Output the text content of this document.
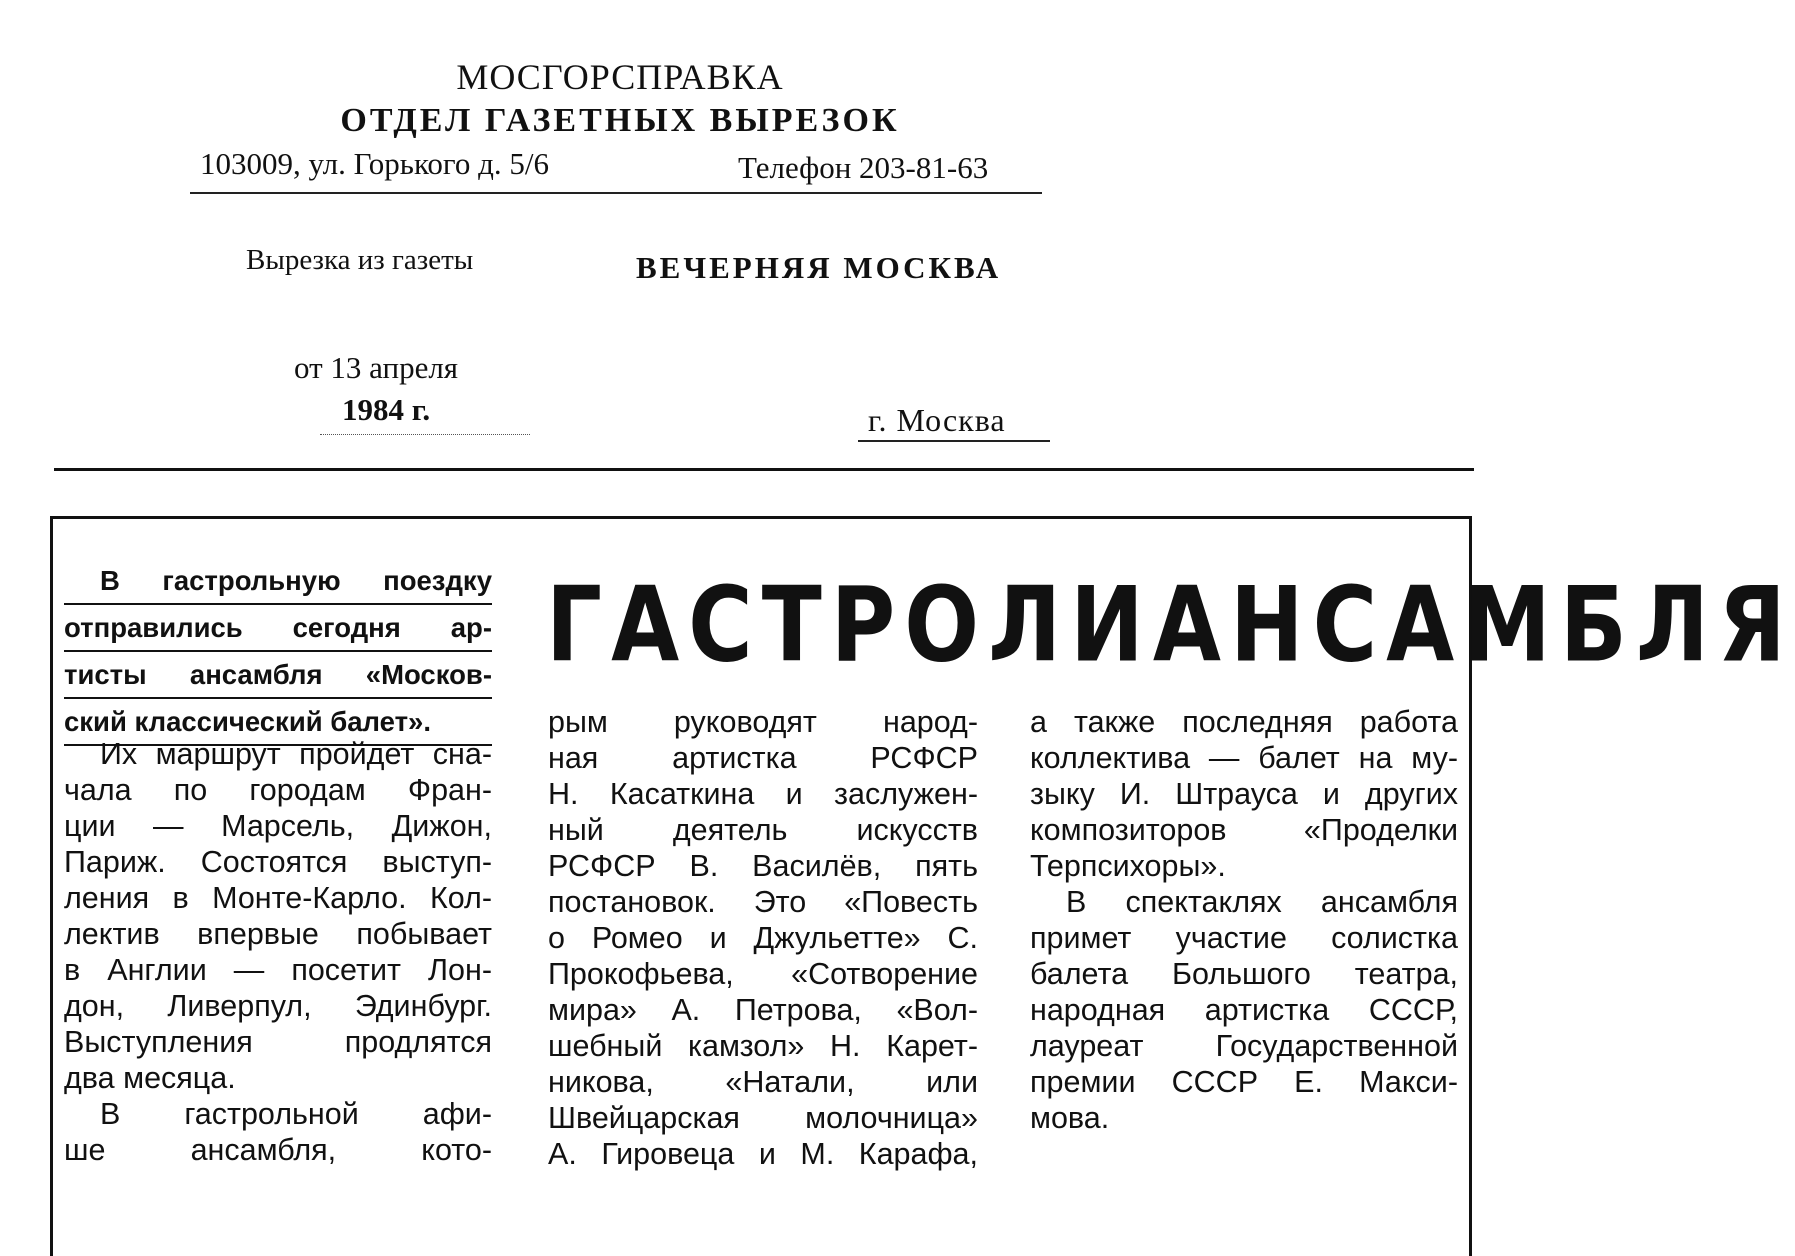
МОСГОРСПРАВКА
ОТДЕЛ ГАЗЕТНЫХ ВЫРЕЗОК
103009, ул. Горького д. 5/6	Телефон 203-81-63
Вырезка из газеты	ВЕЧЕРНЯЯ МОСКВА
от 13 апреля
1984 г.	г. Москва
В гастрольную поездку
отправились сегодня ар-
тисты ансамбля «Москов-
ский классический балет».
ГАСТРОЛИ АНСАМБЛЯ
Их маршрут пройдет сна-
чала по городам Фран-
ции — Марсель, Дижон,
Париж. Состоятся выступ-
ления в Монте-Карло. Кол-
лектив впервые побывает
в Англии — посетит Лон-
дон, Ливерпул, Эдинбург.
Выступления продлятся
два месяца.
В гастрольной афи-
ше ансамбля, кото-
рым руководят народ-
ная артистка РСФСР
Н. Касаткина и заслужен-
ный деятель искусств
РСФСР В. Василёв, пять
постановок. Это «Повесть
о Ромео и Джульетте» С.
Прокофьева, «Сотворение
мира» А. Петрова, «Вол-
шебный камзол» Н. Карет-
никова, «Натали, или
Швейцарская молочница»
А. Гировеца и М. Карафа,
а также последняя работа
коллектива — балет на му-
зыку И. Штрауса и других
композиторов «Проделки
Терпсихоры».
В спектаклях ансамбля
примет участие солистка
балета Большого театра,
народная артистка СССР,
лауреат Государственной
премии СССР Е. Макси-
мова.
